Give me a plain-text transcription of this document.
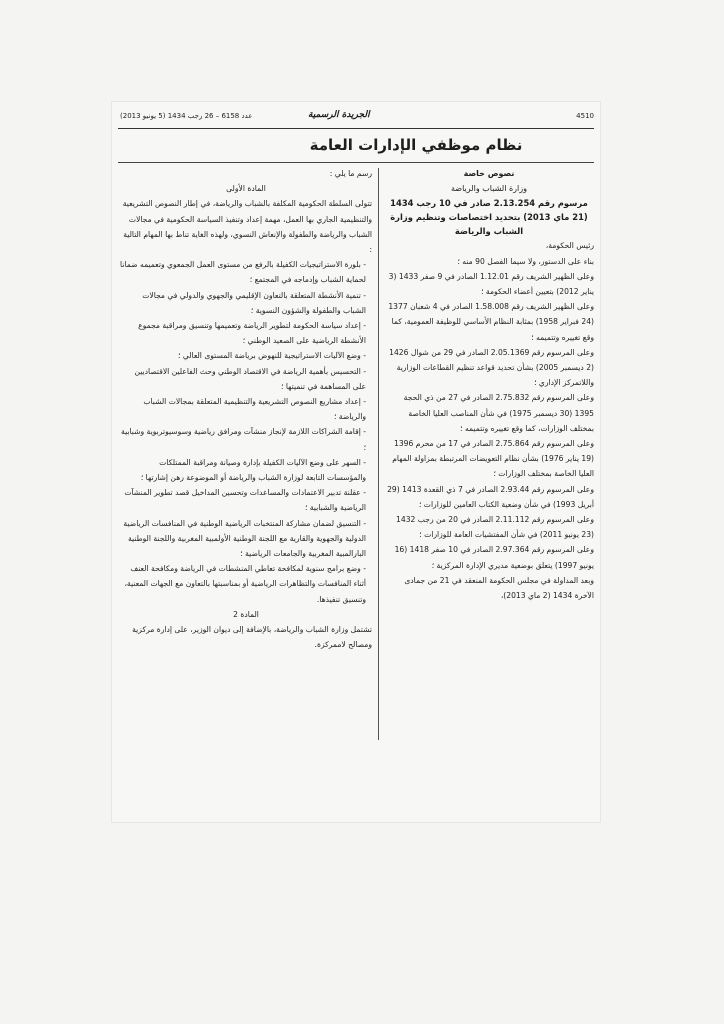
عدد 6158 – 26 رجب 1434 (5 يونيو 2013)	الجريدة الرسمية	4510
نظام موظفي الإدارات العامة

نصوص خاصة

وزارة الشباب والرياضة

مرسوم رقم 2.13.254 صادر في 10 رجب 1434 (21 ماي 2013) بتحديد اختصاصات وتنظيم وزارة الشباب والرياضة

رئيس الحكومة،

بناء على الدستور، ولا سيما الفصل 90 منه ؛

وعلى الظهير الشريف رقم 1.12.01 الصادر في 9 صفر 1433 (3 يناير 2012) بتعيين أعضاء الحكومة ؛

وعلى الظهير الشريف رقم 1.58.008 الصادر في 4 شعبان 1377 (24 فبراير 1958) بمثابة النظام الأساسي للوظيفة العمومية، كما وقع تغييره وتتميمه ؛

وعلى المرسوم رقم 2.05.1369 الصادر في 29 من شوال 1426 (2 ديسمبر 2005) بشأن تحديد قواعد تنظيم القطاعات الوزارية واللاتمركز الإداري ؛

وعلى المرسوم رقم 2.75.832 الصادر في 27 من ذي الحجة 1395 (30 ديسمبر 1975) في شأن المناصب العليا الخاصة بمختلف الوزارات، كما وقع تغييره وتتميمه ؛

وعلى المرسوم رقم 2.75.864 الصادر في 17 من محرم 1396 (19 يناير 1976) بشأن نظام التعويضات المرتبطة بمزاولة المهام العليا الخاصة بمختلف الوزارات ؛

وعلى المرسوم رقم 2.93.44 الصادر في 7 ذي القعدة 1413 (29 أبريل 1993) في شأن وضعية الكتاب العامين للوزارات ؛

وعلى المرسوم رقم 2.11.112 الصادر في 20 من رجب 1432 (23 يونيو 2011) في شأن المفتشيات العامة للوزارات ؛

وعلى المرسوم رقم 2.97.364 الصادر في 10 صفر 1418 (16 يونيو 1997) يتعلق بوضعية مديري الإدارة المركزية ؛

وبعد المداولة في مجلس الحكومة المنعقد في 21 من جمادى الآخرة 1434 (2 ماي 2013)،

رسم ما يلي :

المادة الأولى

تتولى السلطة الحكومية المكلفة بالشباب والرياضة، في إطار النصوص التشريعية والتنظيمية الجاري بها العمل، مهمة إعداد وتنفيذ السياسة الحكومية في مجالات الشباب والرياضة والطفولة والإنعاش النسوي، ولهذه الغاية تناط بها المهام التالية :

- بلورة الاستراتيجيات الكفيلة بالرفع من مستوى العمل الجمعوي وتعميمه ضمانا لحماية الشباب وإدماجه في المجتمع ؛

- تنمية الأنشطة المتعلقة بالتعاون الإقليمي والجهوي والدولي في مجالات الشباب والطفولة والشؤون النسوية ؛

- إعداد سياسة الحكومة لتطوير الرياضة وتعميمها وتنسيق ومراقبة مجموع الأنشطة الرياضية على الصعيد الوطني ؛

- وضع الآليات الاستراتيجية للنهوض برياضة المستوى العالي ؛

- التحسيس بأهمية الرياضة في الاقتصاد الوطني وحث الفاعلين الاقتصاديين على المساهمة في تنميتها ؛

- إعداد مشاريع النصوص التشريعية والتنظيمية المتعلقة بمجالات الشباب والرياضة ؛

- إقامة الشراكات اللازمة لإنجاز منشآت ومرافق رياضية وسوسيوتربوية وشبابية ؛

- السهر على وضع الآليات الكفيلة بإدارة وصيانة ومراقبة الممتلكات والمؤسسات التابعة لوزارة الشباب والرياضة أو الموضوعة رهن إشارتها ؛

- عقلنة تدبير الاعتمادات والمساعدات وتحسين المداخيل قصد تطوير المنشآت الرياضية والشبابية ؛

- التنسيق لضمان مشاركة المنتخبات الرياضية الوطنية في المنافسات الرياضية الدولية والجهوية والقارية مع اللجنة الوطنية الأولمبية المغربية واللجنة الوطنية البارالمبية المغربية والجامعات الرياضية ؛

- وضع برامج سنوية لمكافحة تعاطي المنشطات في الرياضة ومكافحة العنف أثناء المنافسات والتظاهرات الرياضية أو بمناسبتها بالتعاون مع الجهات المعنية، وتنسيق تنفيذها.

المادة 2

تشتمل وزارة الشباب والرياضة، بالإضافة إلى ديوان الوزير، على إدارة مركزية ومصالح لاممركزة.
